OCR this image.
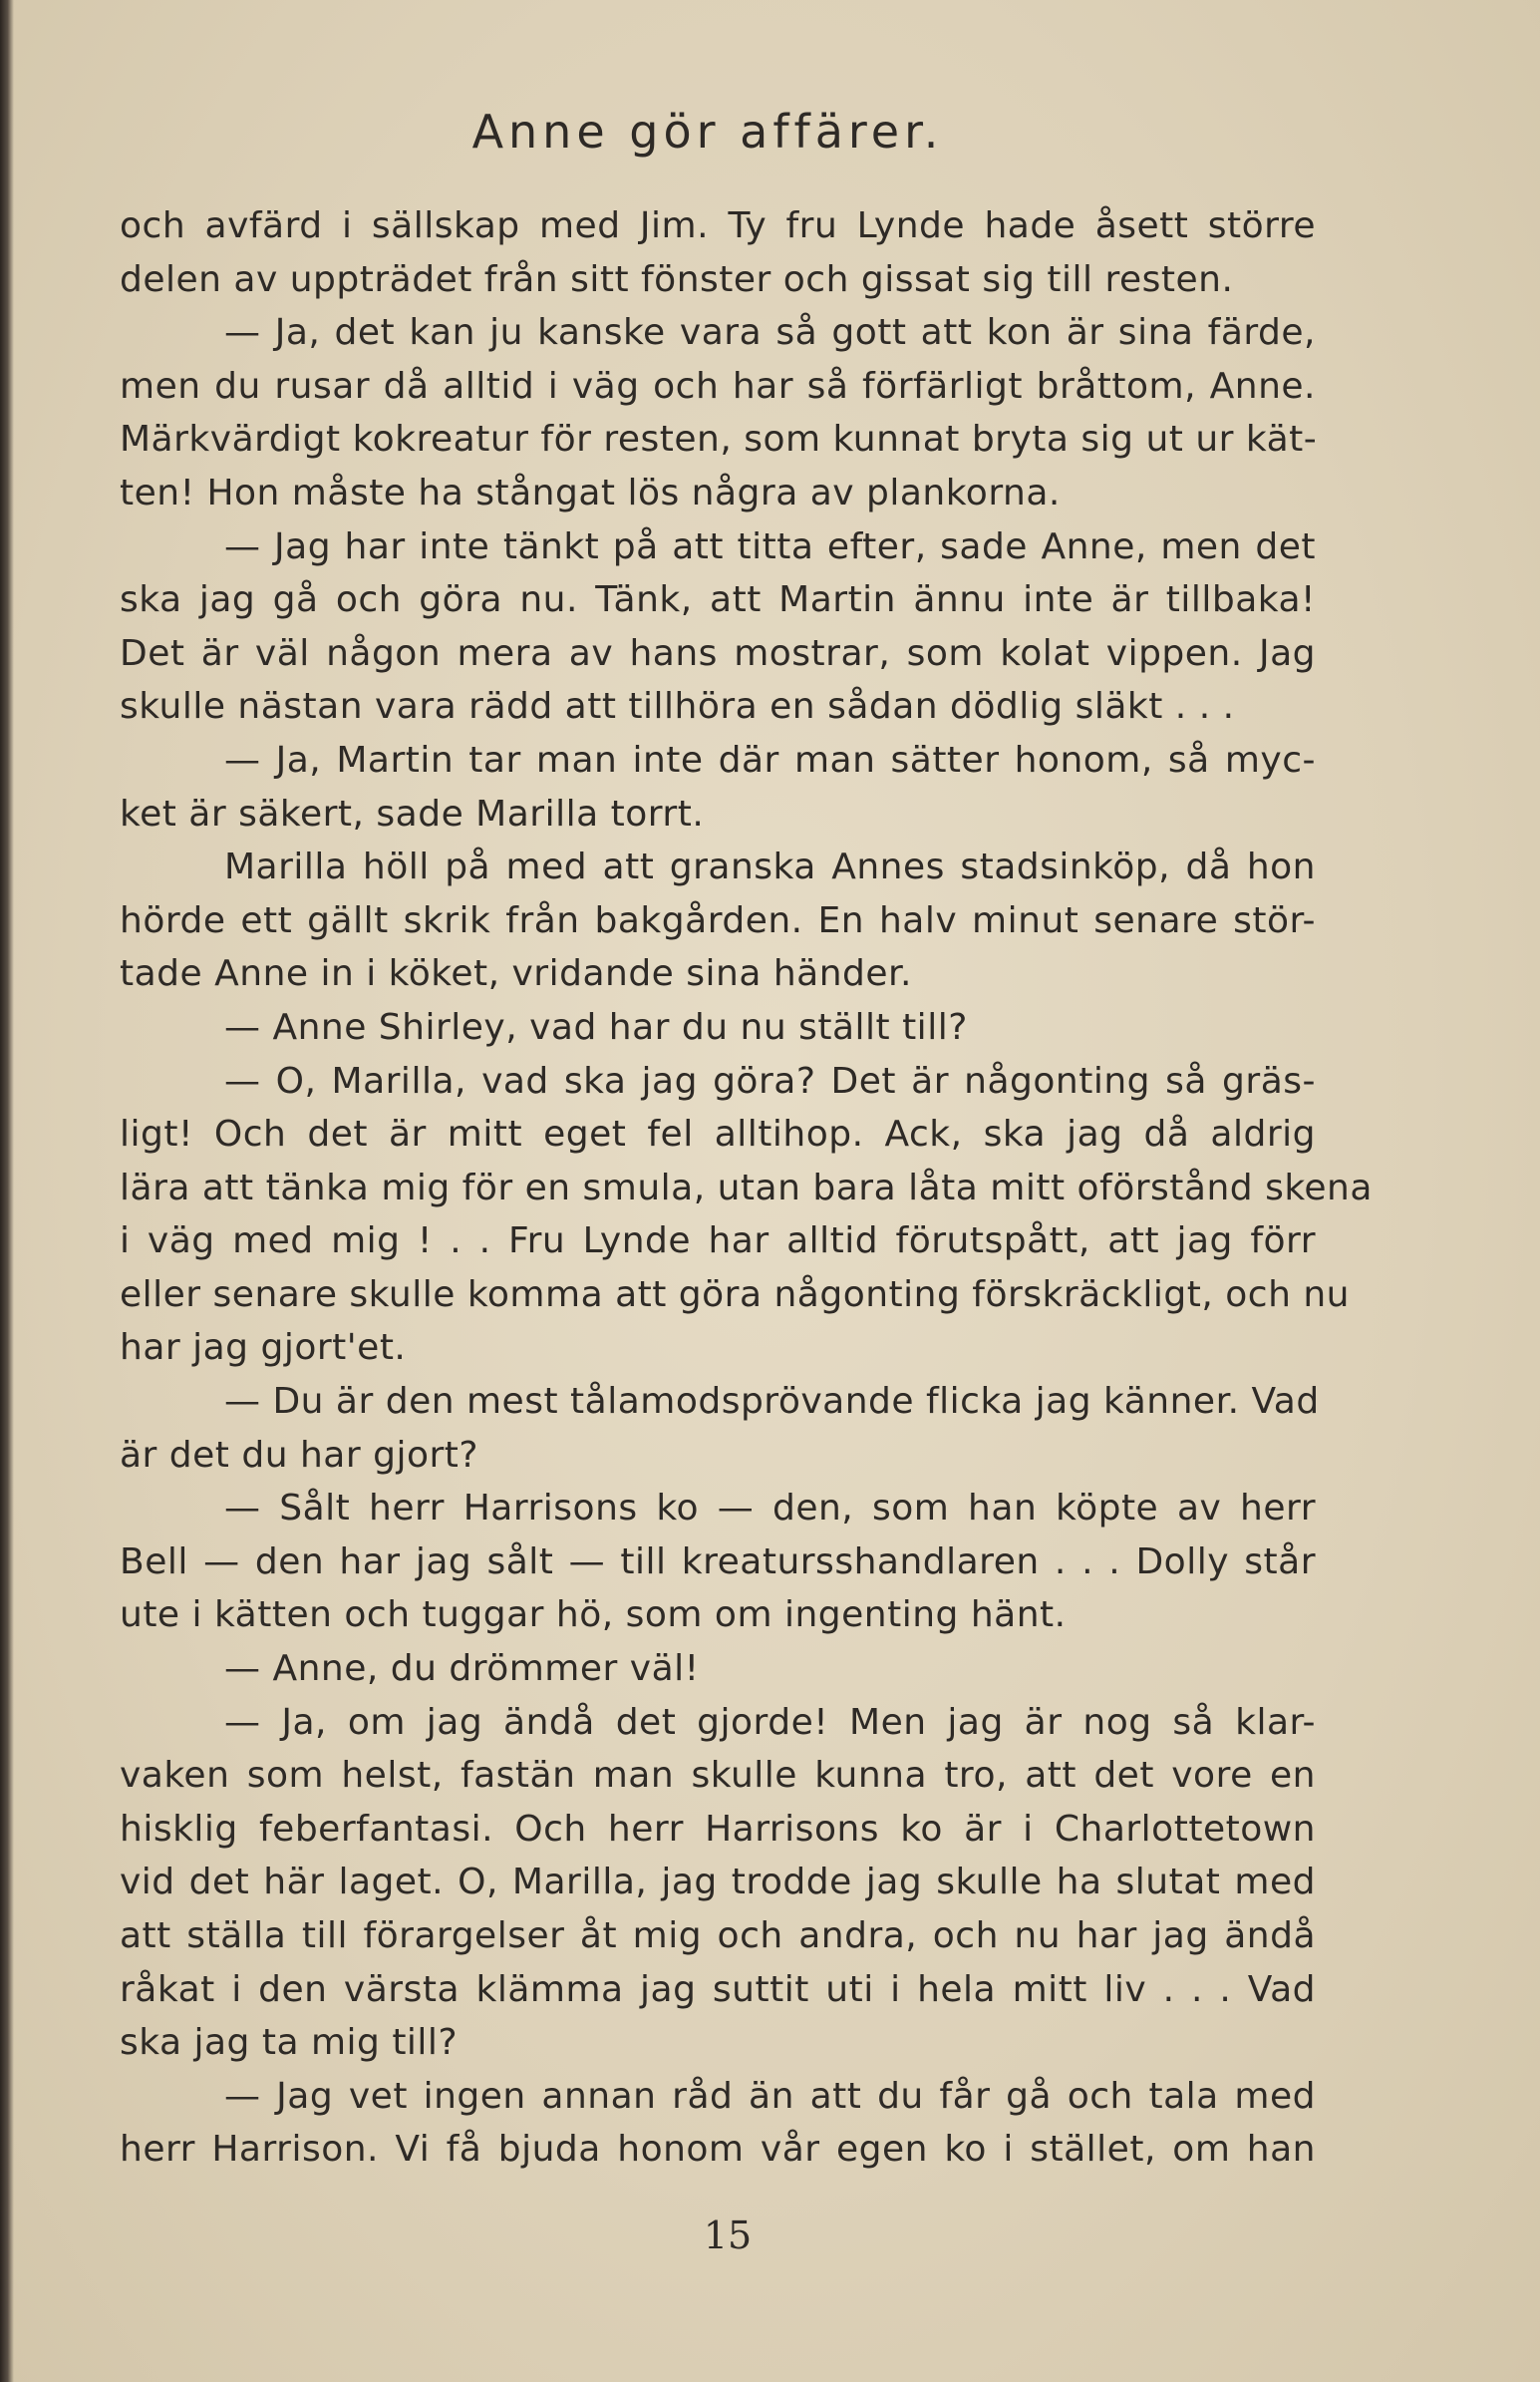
Anne gör affärer.
och avfärd i sällskap med Jim. Ty fru Lynde hade åsett större
delen av uppträdet från sitt fönster och gissat sig till resten.
— Ja, det kan ju kanske vara så gott att kon är sina färde,
men du rusar då alltid i väg och har så förfärligt bråttom, Anne.
Märkvärdigt kokreatur för resten, som kunnat bryta sig ut ur kät-
ten! Hon måste ha stångat lös några av plankorna.
— Jag har inte tänkt på att titta efter, sade Anne, men det
ska jag gå och göra nu. Tänk, att Martin ännu inte är tillbaka!
Det är väl någon mera av hans mostrar, som kolat vippen. Jag
skulle nästan vara rädd att tillhöra en sådan dödlig släkt . . .
— Ja, Martin tar man inte där man sätter honom, så myc-
ket är säkert, sade Marilla torrt.
Marilla höll på med att granska Annes stadsinköp, då hon
hörde ett gällt skrik från bakgården. En halv minut senare stör-
tade Anne in i köket, vridande sina händer.
— Anne Shirley, vad har du nu ställt till?
— O, Marilla, vad ska jag göra? Det är någonting så gräs-
ligt! Och det är mitt eget fel alltihop. Ack, ska jag då aldrig
lära att tänka mig för en smula, utan bara låta mitt oförstånd skena
i väg med mig ! . . Fru Lynde har alltid förutspått, att jag förr
eller senare skulle komma att göra någonting förskräckligt, och nu
har jag gjort'et.
— Du är den mest tålamodsprövande flicka jag känner. Vad
är det du har gjort?
— Sålt herr Harrisons ko — den, som han köpte av herr
Bell — den har jag sålt — till kreatursshandlaren . . . Dolly står
ute i kätten och tuggar hö, som om ingenting hänt.
— Anne, du drömmer väl!
— Ja, om jag ändå det gjorde! Men jag är nog så klar-
vaken som helst, fastän man skulle kunna tro, att det vore en
hisklig feberfantasi. Och herr Harrisons ko är i Charlottetown
vid det här laget. O, Marilla, jag trodde jag skulle ha slutat med
att ställa till förargelser åt mig och andra, och nu har jag ändå
råkat i den värsta klämma jag suttit uti i hela mitt liv . . . Vad
ska jag ta mig till?
— Jag vet ingen annan råd än att du får gå och tala med
herr Harrison. Vi få bjuda honom vår egen ko i stället, om han
15
